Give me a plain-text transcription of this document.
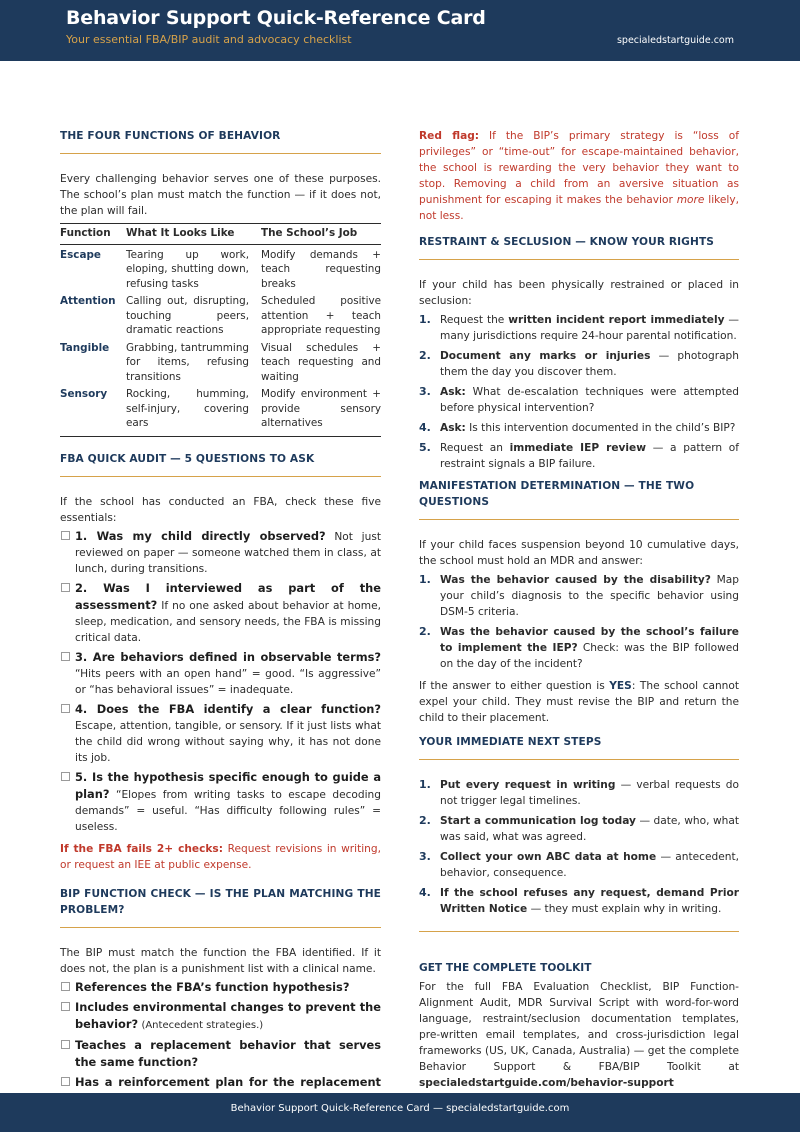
Behavior Support Quick-Reference Card
Your essential FBA/BIP audit and advocacy checklist	specialedstartguide.com
THE FOUR FUNCTIONS OF BEHAVIOR

Every challenging behavior serves one of these purposes. The school’s plan must match the function — if it does not, the plan will fail.

Function	What It Looks Like	The School’s Job
Escape	Tearing up work, eloping, shutting down, refusing tasks	Modify demands + teach requesting breaks
Attention	Calling out, disrupting, touching peers, dramatic reactions	Scheduled positive attention + teach appropriate requesting
Tangible	Grabbing, tantrumming for items, refusing transitions	Visual schedules + teach requesting and waiting
Sensory	Rocking, humming, self-injury, covering ears	Modify environment + provide sensory alternatives
FBA QUICK AUDIT — 5 QUESTIONS TO ASK

If the school has conducted an FBA, check these five essentials:

1. Was my child directly observed? Not just reviewed on paper — someone watched them in class, at lunch, during transitions.
2. Was I interviewed as part of the assessment? If no one asked about behavior at home, sleep, medication, and sensory needs, the FBA is missing critical data.
3. Are behaviors defined in observable terms? “Hits peers with an open hand” = good. “Is aggressive” or “has behavioral issues” = inadequate.
4. Does the FBA identify a clear function? Escape, attention, tangible, or sensory. If it just lists what the child did wrong without saying why, it has not done its job.
5. Is the hypothesis specific enough to guide a plan? “Elopes from writing tasks to escape decoding demands” = useful. “Has difficulty following rules” = useless.

If the FBA fails 2+ checks: Request revisions in writing, or request an IEE at public expense.

BIP FUNCTION CHECK — IS THE PLAN MATCHING THE PROBLEM?

The BIP must match the function the FBA identified. If it does not, the plan is a punishment list with a clinical name.

References the FBA’s function hypothesis?
Includes environmental changes to prevent the behavior? (Antecedent strategies.)
Teaches a replacement behavior that serves the same function?
Has a reinforcement plan for the replacement

Red flag: If the BIP’s primary strategy is “loss of privileges” or “time-out” for escape-maintained behavior, the school is rewarding the very behavior they want to stop. Removing a child from an aversive situation as punishment for escaping it makes the behavior more likely, not less.

RESTRAINT & SECLUSION — KNOW YOUR RIGHTS

If your child has been physically restrained or placed in seclusion:

1. Request the written incident report immediately — many jurisdictions require 24-hour parental notification.
2. Document any marks or injuries — photograph them the day you discover them.
3. Ask: What de-escalation techniques were attempted before physical intervention?
4. Ask: Is this intervention documented in the child’s BIP?
5. Request an immediate IEP review — a pattern of restraint signals a BIP failure.
MANIFESTATION DETERMINATION — THE TWO QUESTIONS

If your child faces suspension beyond 10 cumulative days, the school must hold an MDR and answer:

1. Was the behavior caused by the disability? Map your child’s diagnosis to the specific behavior using DSM-5 criteria.
2. Was the behavior caused by the school’s failure to implement the IEP? Check: was the BIP followed on the day of the incident?

If the answer to either question is YES: The school cannot expel your child. They must revise the BIP and return the child to their placement.

YOUR IMMEDIATE NEXT STEPS
1. Put every request in writing — verbal requests do not trigger legal timelines.
2. Start a communication log today — date, who, what was said, what was agreed.
3. Collect your own ABC data at home — antecedent, behavior, consequence.
4. If the school refuses any request, demand Prior Written Notice — they must explain why in writing.
GET THE COMPLETE TOOLKIT

For the full FBA Evaluation Checklist, BIP Function-Alignment Audit, MDR Survival Script with word-for-word language, restraint/seclusion documentation templates, pre-written email templates, and cross-jurisdiction legal frameworks (US, UK, Canada, Australia) — get the complete Behavior Support & FBA/BIP Toolkit at specialedstartguide.com/behavior-support

Behavior Support Quick-Reference Card — specialedstartguide.com
